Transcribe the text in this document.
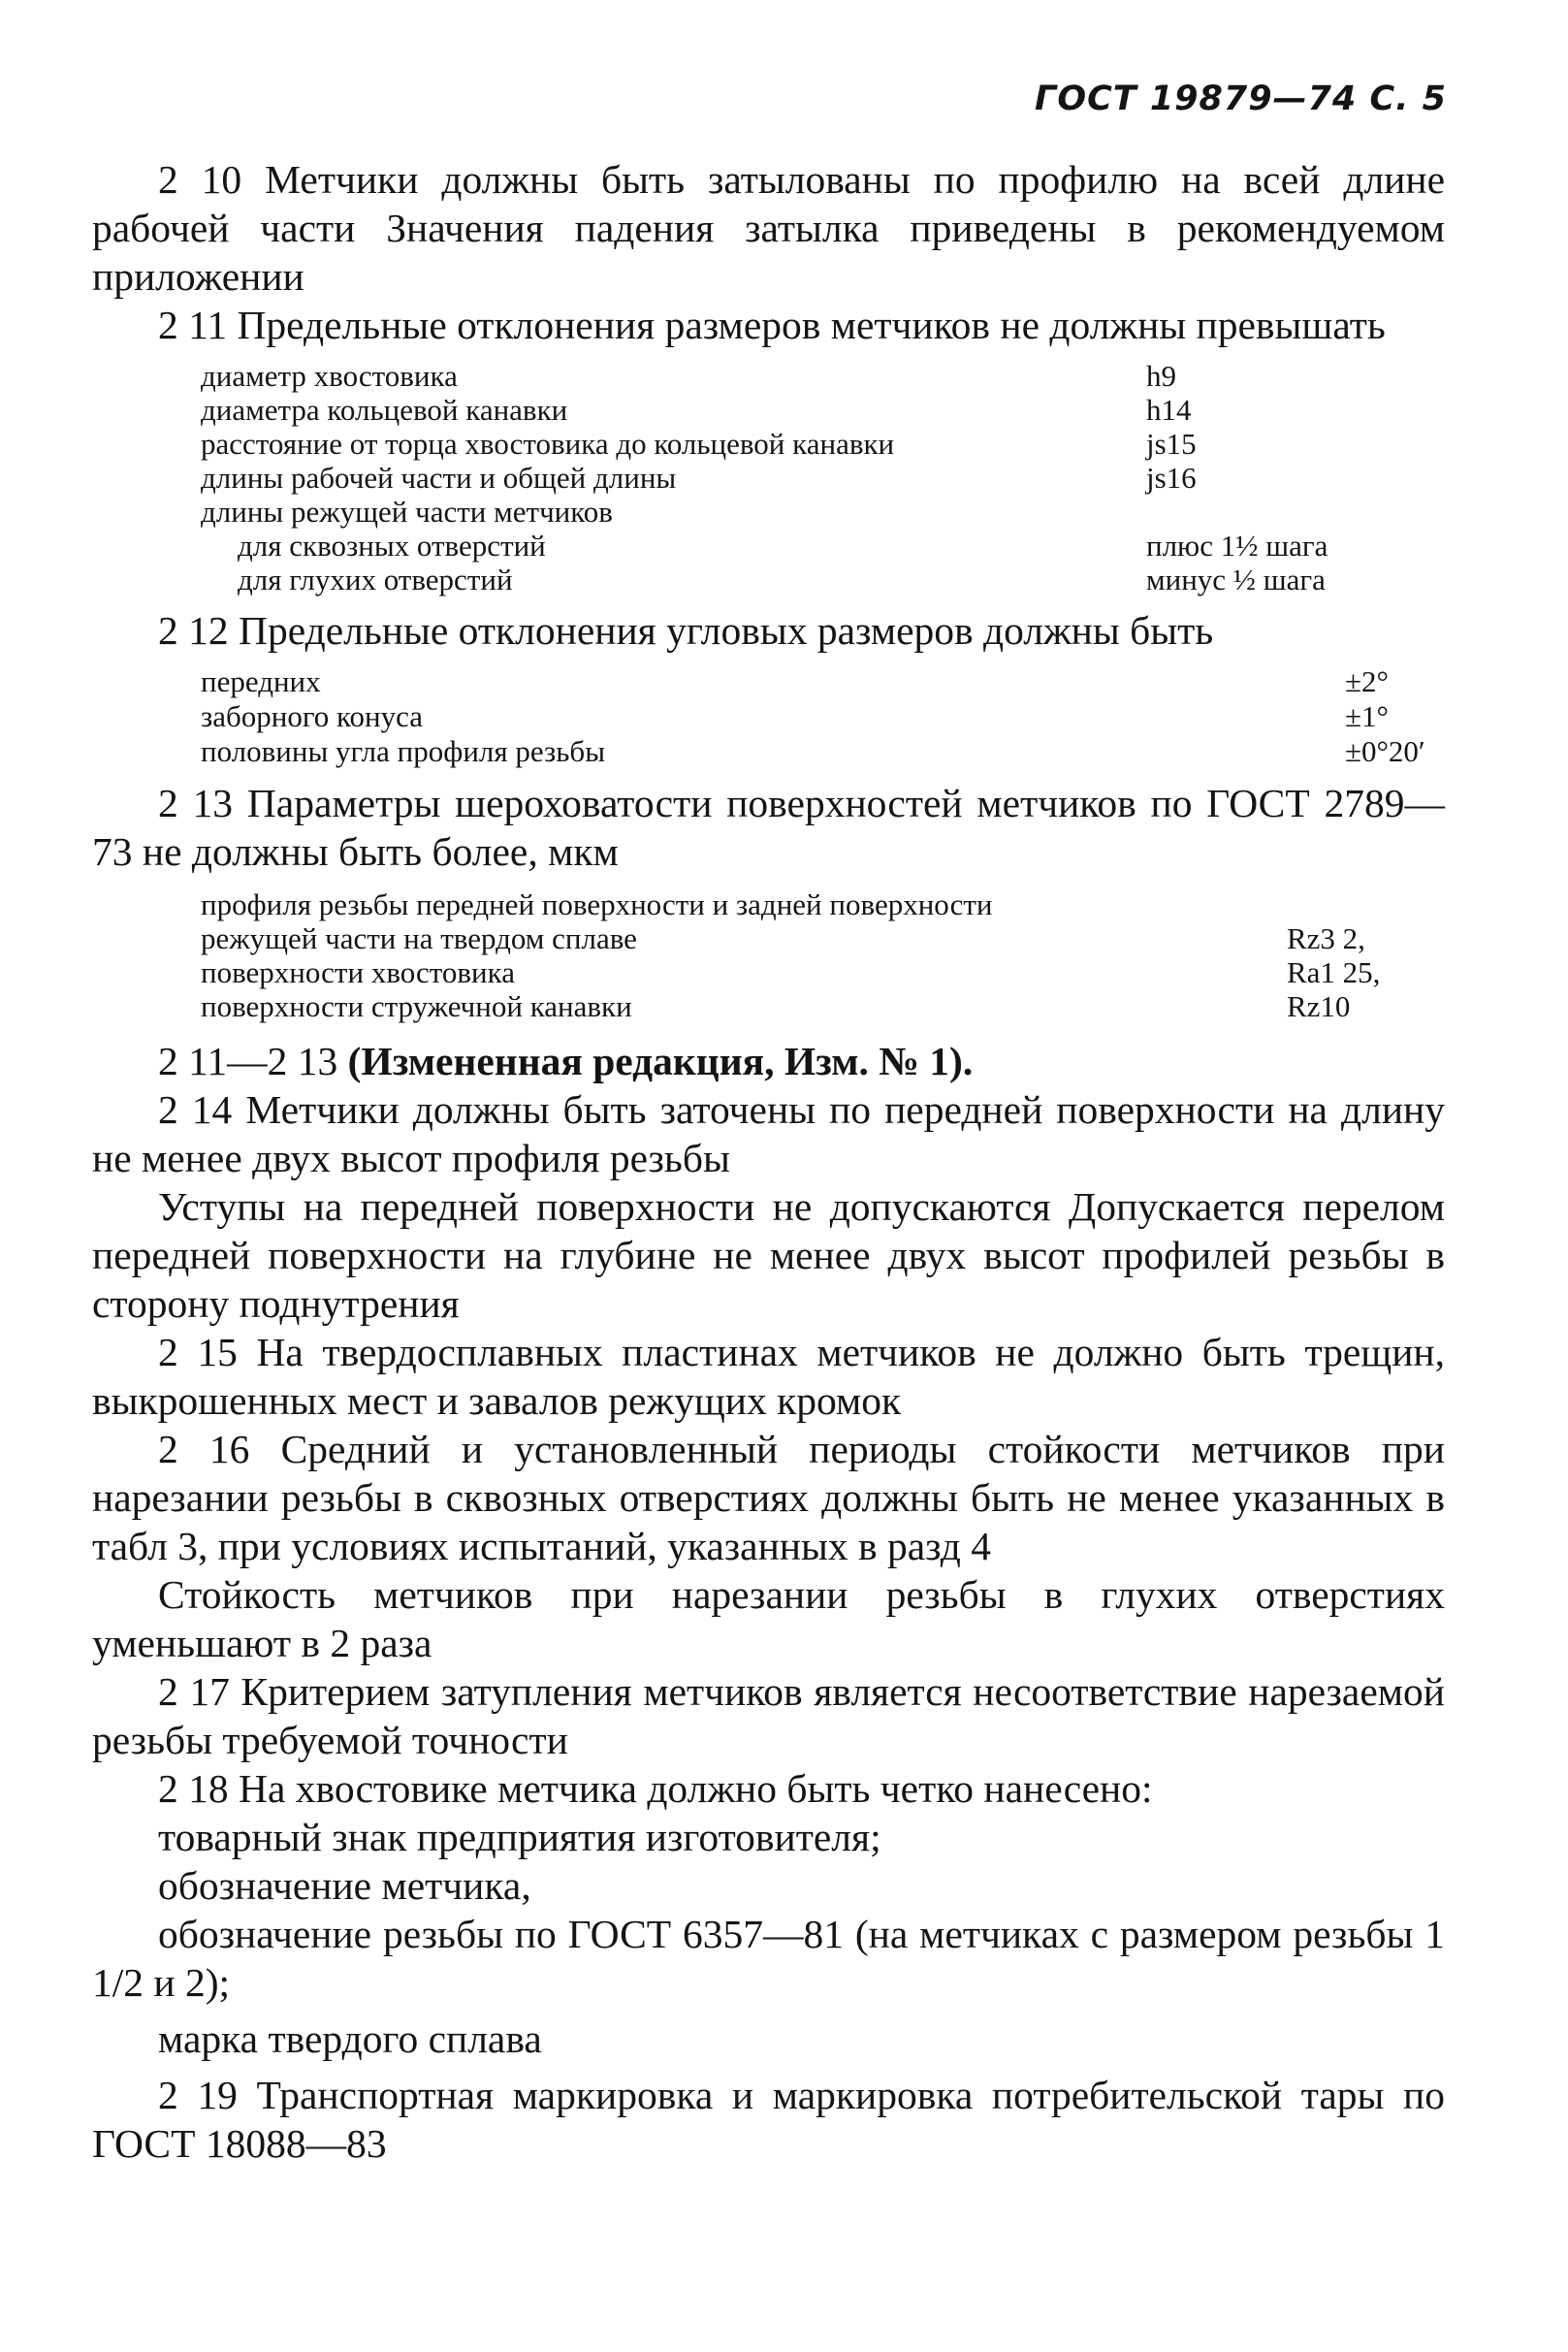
ГОСТ 19879—74 С. 5

2 10 Метчики должны быть затылованы по профилю на всей длине рабочей части Значения падения затылка приведены в рекомендуемом приложении

2 11 Предельные отклонения размеров метчиков не должны превышать

диаметр хвостовика	h9
диаметра кольцевой канавки	h14
расстояние от торца хвостовика до кольцевой канавки	js15
длины рабочей части и общей длины	js16
длины режущей части метчиков
для сквозных отверстий	плюс 1½ шага
для глухих отверстий	минус ½ шага

2 12 Предельные отклонения угловых размеров должны быть

передних	±2°
заборного конуса	±1°
половины угла профиля резьбы	±0°20′

2 13 Параметры шероховатости поверхностей метчиков по ГОСТ 2789—73 не должны быть более, мкм

профиля резьбы передней поверхности и задней поверхности
режущей части на твердом сплаве	Rz3 2,
поверхности хвостовика	Ra1 25,
поверхности стружечной канавки	Rz10

2 11—2 13 (Измененная редакция, Изм. № 1).

2 14 Метчики должны быть заточены по передней поверхности на длину не менее двух высот профиля резьбы

Уступы на передней поверхности не допускаются Допускается перелом передней поверхности на глубине не менее двух высот профилей резьбы в сторону поднутрения

2 15 На твердосплавных пластинах метчиков не должно быть трещин, выкрошенных мест и завалов режущих кромок

2 16 Средний и установленный периоды стойкости метчиков при нарезании резьбы в сквозных отверстиях должны быть не менее указанных в табл 3, при условиях испытаний, указанных в разд 4

Стойкость метчиков при нарезании резьбы в глухих отверстиях уменьшают в 2 раза

2 17 Критерием затупления метчиков является несоответствие нарезаемой резьбы требуемой точности

2 18 На хвостовике метчика должно быть четко нанесено:

товарный знак предприятия изготовителя;

обозначение метчика,

обозначение резьбы по ГОСТ 6357—81 (на метчиках с размером резьбы 1 1/2 и 2);

марка твердого сплава

2 19 Транспортная маркировка и маркировка потребительской тары по ГОСТ 18088—83
